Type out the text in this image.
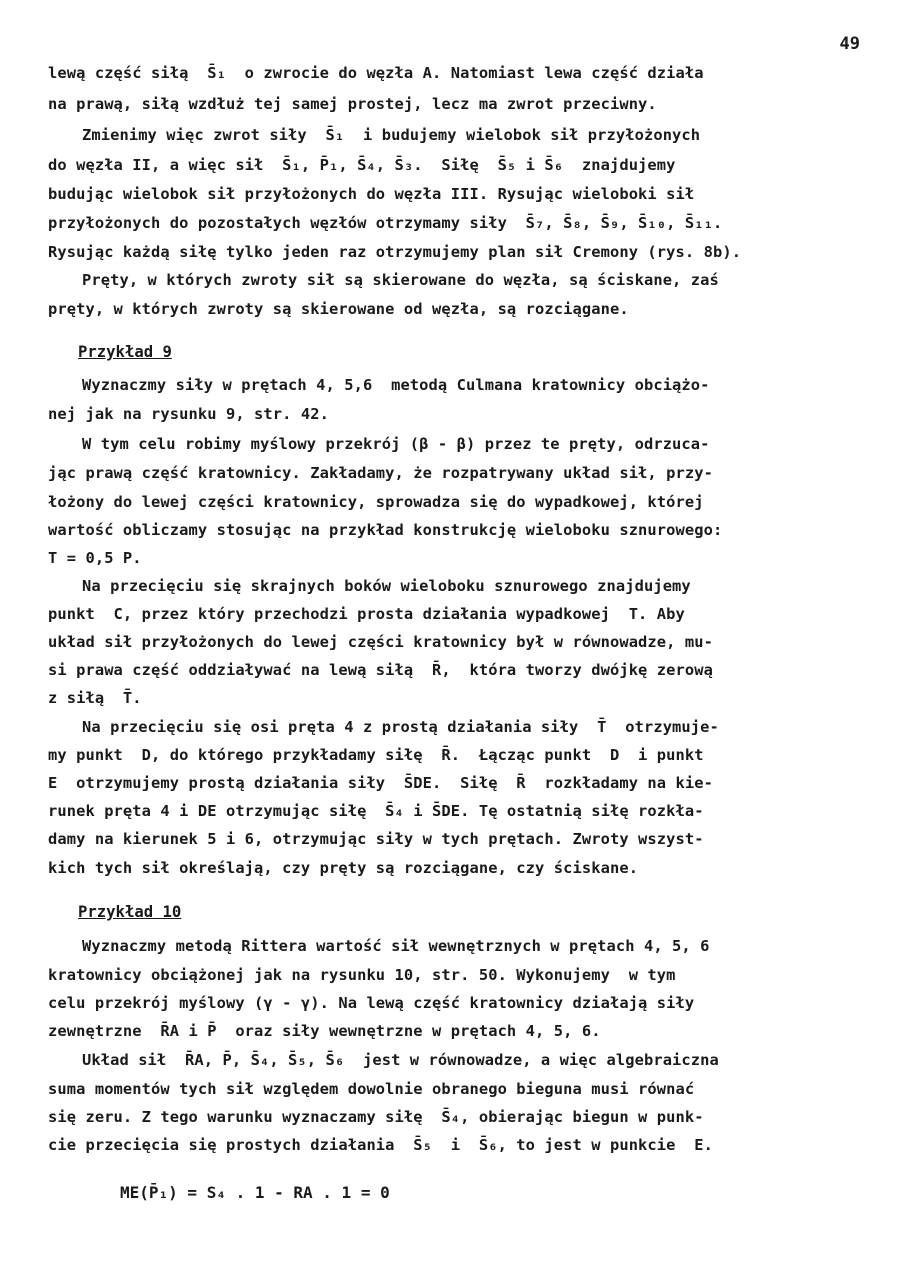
49
lewą część siłą  S̄₁  o zwrocie do węzła A. Natomiast lewa część działa
na prawą, siłą wzdłuż tej samej prostej, lecz ma zwrot przeciwny.
Zmienimy więc zwrot siły  S̄₁  i budujemy wielobok sił przyłożonych
do węzła II, a więc sił  S̄₁, P̄₁, S̄₄, S̄₃.  Siłę  S̄₅ i S̄₆  znajdujemy
budując wielobok sił przyłożonych do węzła III. Rysując wieloboki sił
przyłożonych do pozostałych węzłów otrzymamy siły  S̄₇, S̄₈, S̄₉, S̄₁₀, S̄₁₁.
Rysując każdą siłę tylko jeden raz otrzymujemy plan sił Cremony (rys. 8b).
Pręty, w których zwroty sił są skierowane do węzła, są ściskane, zaś
pręty, w których zwroty są skierowane od węzła, są rozciągane.
Przykład 9
Wyznaczmy siły w prętach 4, 5,6  metodą Culmana kratownicy obciążo-
nej jak na rysunku 9, str. 42.
W tym celu robimy myślowy przekrój (β - β) przez te pręty, odrzuca-
jąc prawą część kratownicy. Zakładamy, że rozpatrywany układ sił, przy-
łożony do lewej części kratownicy, sprowadza się do wypadkowej, której
wartość obliczamy stosując na przykład konstrukcję wieloboku sznurowego:
T = 0,5 P.
Na przecięciu się skrajnych boków wieloboku sznurowego znajdujemy
punkt  C, przez który przechodzi prosta działania wypadkowej  T. Aby
układ sił przyłożonych do lewej części kratownicy był w równowadze, mu-
si prawa część oddziaływać na lewą siłą  R̄,  która tworzy dwójkę zerową
z siłą  T̄.
Na przecięciu się osi pręta 4 z prostą działania siły  T̄  otrzymuje-
my punkt  D, do którego przykładamy siłę  R̄.  Łącząc punkt  D  i punkt
E  otrzymujemy prostą działania siły  S̄DE.  Siłę  R̄  rozkładamy na kie-
runek pręta 4 i DE otrzymując siłę  S̄₄ i S̄DE. Tę ostatnią siłę rozkła-
damy na kierunek 5 i 6, otrzymując siły w tych prętach. Zwroty wszyst-
kich tych sił określają, czy pręty są rozciągane, czy ściskane.
Przykład 10
Wyznaczmy metodą Rittera wartość sił wewnętrznych w prętach 4, 5, 6
kratownicy obciążonej jak na rysunku 10, str. 50. Wykonujemy  w tym
celu przekrój myślowy (γ - γ). Na lewą część kratownicy działają siły
zewnętrzne  R̄A i P̄  oraz siły wewnętrzne w prętach 4, 5, 6.
Układ sił  R̄A, P̄, S̄₄, S̄₅, S̄₆  jest w równowadze, a więc algebraiczna
suma momentów tych sił względem dowolnie obranego bieguna musi równać
się zeru. Z tego warunku wyznaczamy siłę  S̄₄, obierając biegun w punk-
cie przecięcia się prostych działania  S̄₅  i  S̄₆, to jest w punkcie  E.
ME(P̄₁) = S₄ . 1 - RA . 1 = 0
